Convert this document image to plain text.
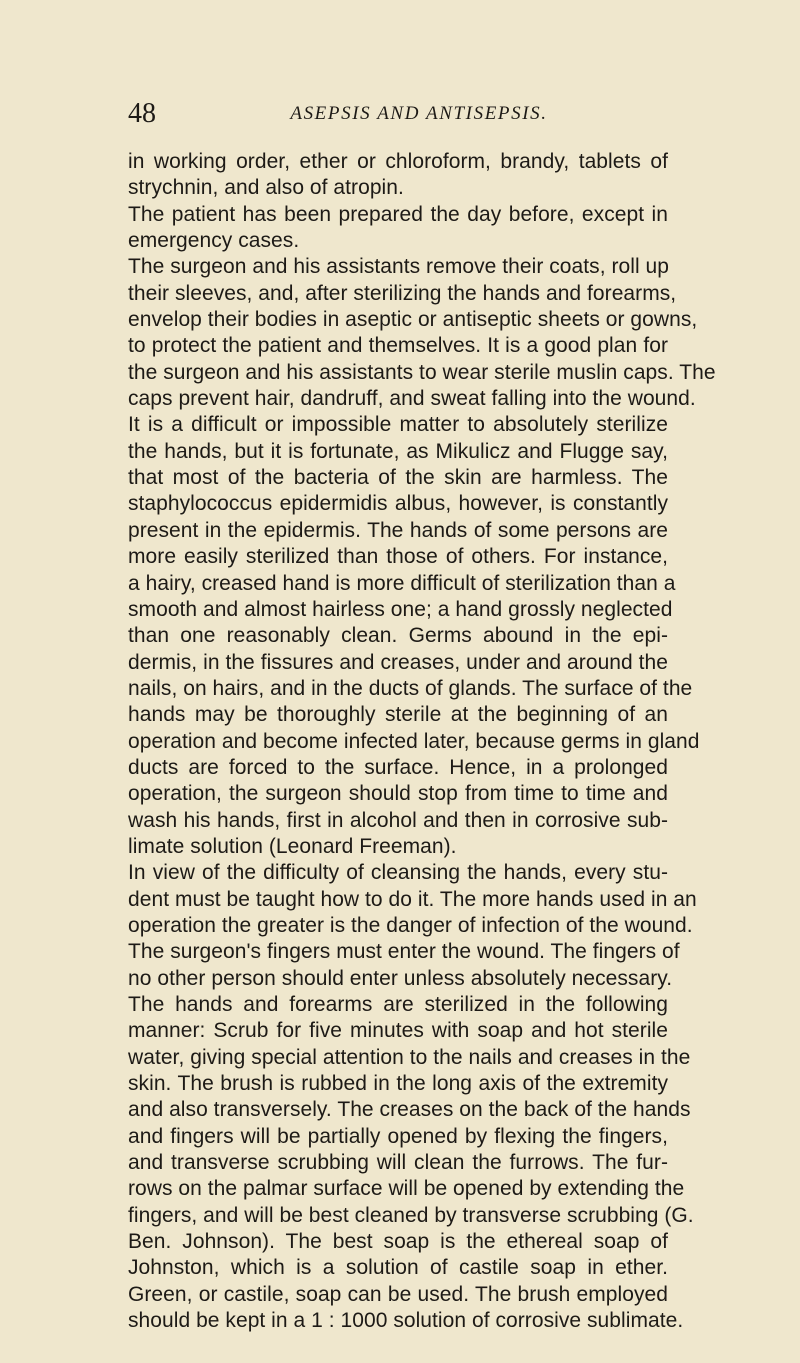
48	ASEPSIS AND ANTISEPSIS.
in working order, ether or chloroform, brandy, tablets of
strychnin, and also of atropin.
The patient has been prepared the day before, except in
emergency cases.
The surgeon and his assistants remove their coats, roll up
their sleeves, and, after sterilizing the hands and forearms,
envelop their bodies in aseptic or antiseptic sheets or gowns,
to protect the patient and themselves. It is a good plan for
the surgeon and his assistants to wear sterile muslin caps. The
caps prevent hair, dandruff, and sweat falling into the wound.
It is a difficult or impossible matter to absolutely sterilize
the hands, but it is fortunate, as Mikulicz and Flugge say,
that most of the bacteria of the skin are harmless. The
staphylococcus epidermidis albus, however, is constantly
present in the epidermis. The hands of some persons are
more easily sterilized than those of others. For instance,
a hairy, creased hand is more difficult of sterilization than a
smooth and almost hairless one; a hand grossly neglected
than one reasonably clean. Germs abound in the epi-
dermis, in the fissures and creases, under and around the
nails, on hairs, and in the ducts of glands. The surface of the
hands may be thoroughly sterile at the beginning of an
operation and become infected later, because germs in gland
ducts are forced to the surface. Hence, in a prolonged
operation, the surgeon should stop from time to time and
wash his hands, first in alcohol and then in corrosive sub-
limate solution (Leonard Freeman).
In view of the difficulty of cleansing the hands, every stu-
dent must be taught how to do it. The more hands used in an
operation the greater is the danger of infection of the wound.
The surgeon's fingers must enter the wound. The fingers of
no other person should enter unless absolutely necessary.
The hands and forearms are sterilized in the following
manner: Scrub for five minutes with soap and hot sterile
water, giving special attention to the nails and creases in the
skin. The brush is rubbed in the long axis of the extremity
and also transversely. The creases on the back of the hands
and fingers will be partially opened by flexing the fingers,
and transverse scrubbing will clean the furrows. The fur-
rows on the palmar surface will be opened by extending the
fingers, and will be best cleaned by transverse scrubbing (G.
Ben. Johnson). The best soap is the ethereal soap of
Johnston, which is a solution of castile soap in ether.
Green, or castile, soap can be used. The brush employed
should be kept in a 1 : 1000 solution of corrosive sublimate.
